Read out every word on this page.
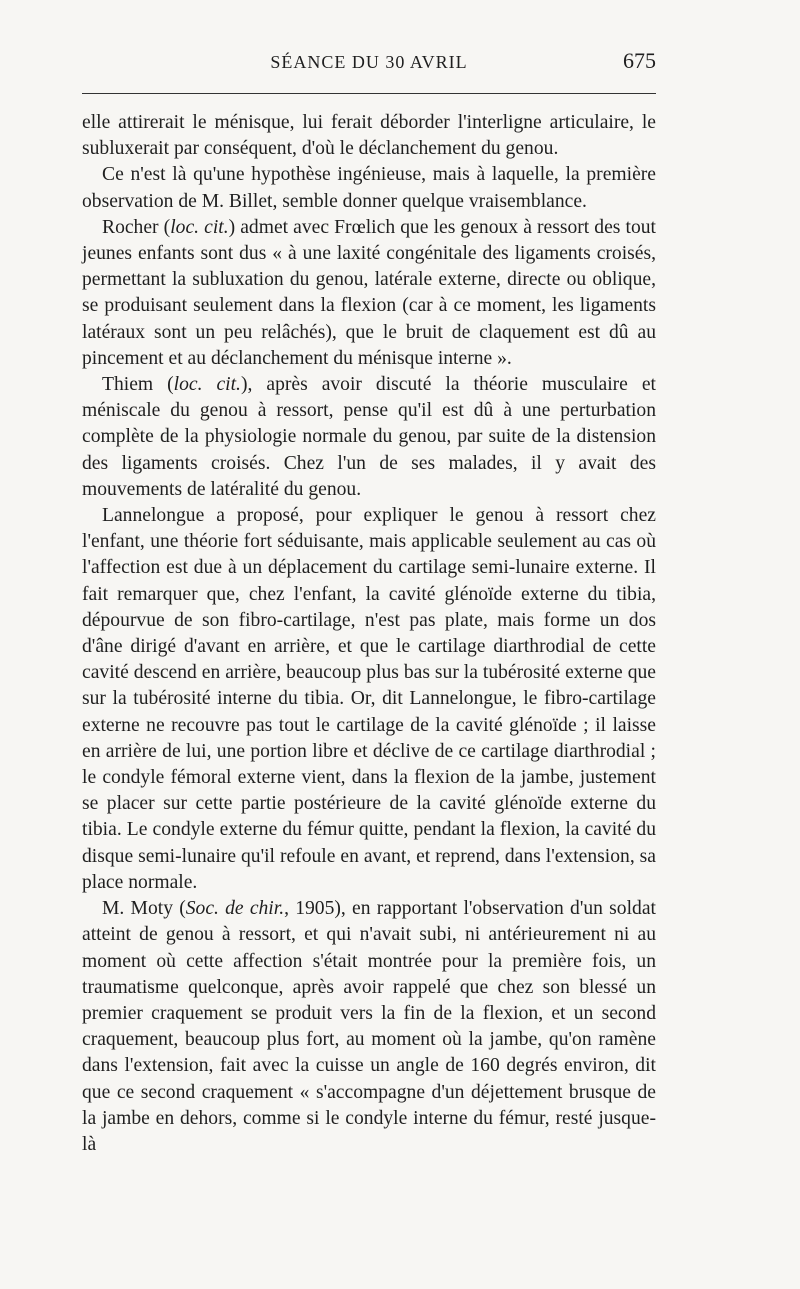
SÉANCE DU 30 AVRIL	675

elle attirerait le ménisque, lui ferait déborder l'interligne articulaire, le subluxerait par conséquent, d'où le déclanchement du genou.

Ce n'est là qu'une hypothèse ingénieuse, mais à laquelle, la première observation de M. Billet, semble donner quelque vraisemblance.

Rocher (loc. cit.) admet avec Frœlich que les genoux à ressort des tout jeunes enfants sont dus « à une laxité congénitale des ligaments croisés, permettant la subluxation du genou, latérale externe, directe ou oblique, se produisant seulement dans la flexion (car à ce moment, les ligaments latéraux sont un peu relâchés), que le bruit de claquement est dû au pincement et au déclanchement du ménisque interne ».

Thiem (loc. cit.), après avoir discuté la théorie musculaire et méniscale du genou à ressort, pense qu'il est dû à une perturbation complète de la physiologie normale du genou, par suite de la distension des ligaments croisés. Chez l'un de ses malades, il y avait des mouvements de latéralité du genou.

Lannelongue a proposé, pour expliquer le genou à ressort chez l'enfant, une théorie fort séduisante, mais applicable seulement au cas où l'affection est due à un déplacement du cartilage semi-lunaire externe. Il fait remarquer que, chez l'enfant, la cavité glénoïde externe du tibia, dépourvue de son fibro-cartilage, n'est pas plate, mais forme un dos d'âne dirigé d'avant en arrière, et que le cartilage diarthrodial de cette cavité descend en arrière, beaucoup plus bas sur la tubérosité externe que sur la tubérosité interne du tibia. Or, dit Lannelongue, le fibro-cartilage externe ne recouvre pas tout le cartilage de la cavité glénoïde ; il laisse en arrière de lui, une portion libre et déclive de ce cartilage diarthrodial ; le condyle fémoral externe vient, dans la flexion de la jambe, justement se placer sur cette partie postérieure de la cavité glénoïde externe du tibia. Le condyle externe du fémur quitte, pendant la flexion, la cavité du disque semi-lunaire qu'il refoule en avant, et reprend, dans l'extension, sa place normale.

M. Moty (Soc. de chir., 1905), en rapportant l'observation d'un soldat atteint de genou à ressort, et qui n'avait subi, ni antérieurement ni au moment où cette affection s'était montrée pour la première fois, un traumatisme quelconque, après avoir rappelé que chez son blessé un premier craquement se produit vers la fin de la flexion, et un second craquement, beaucoup plus fort, au moment où la jambe, qu'on ramène dans l'extension, fait avec la cuisse un angle de 160 degrés environ, dit que ce second craquement « s'accompagne d'un déjettement brusque de la jambe en dehors, comme si le condyle interne du fémur, resté jusque-là
